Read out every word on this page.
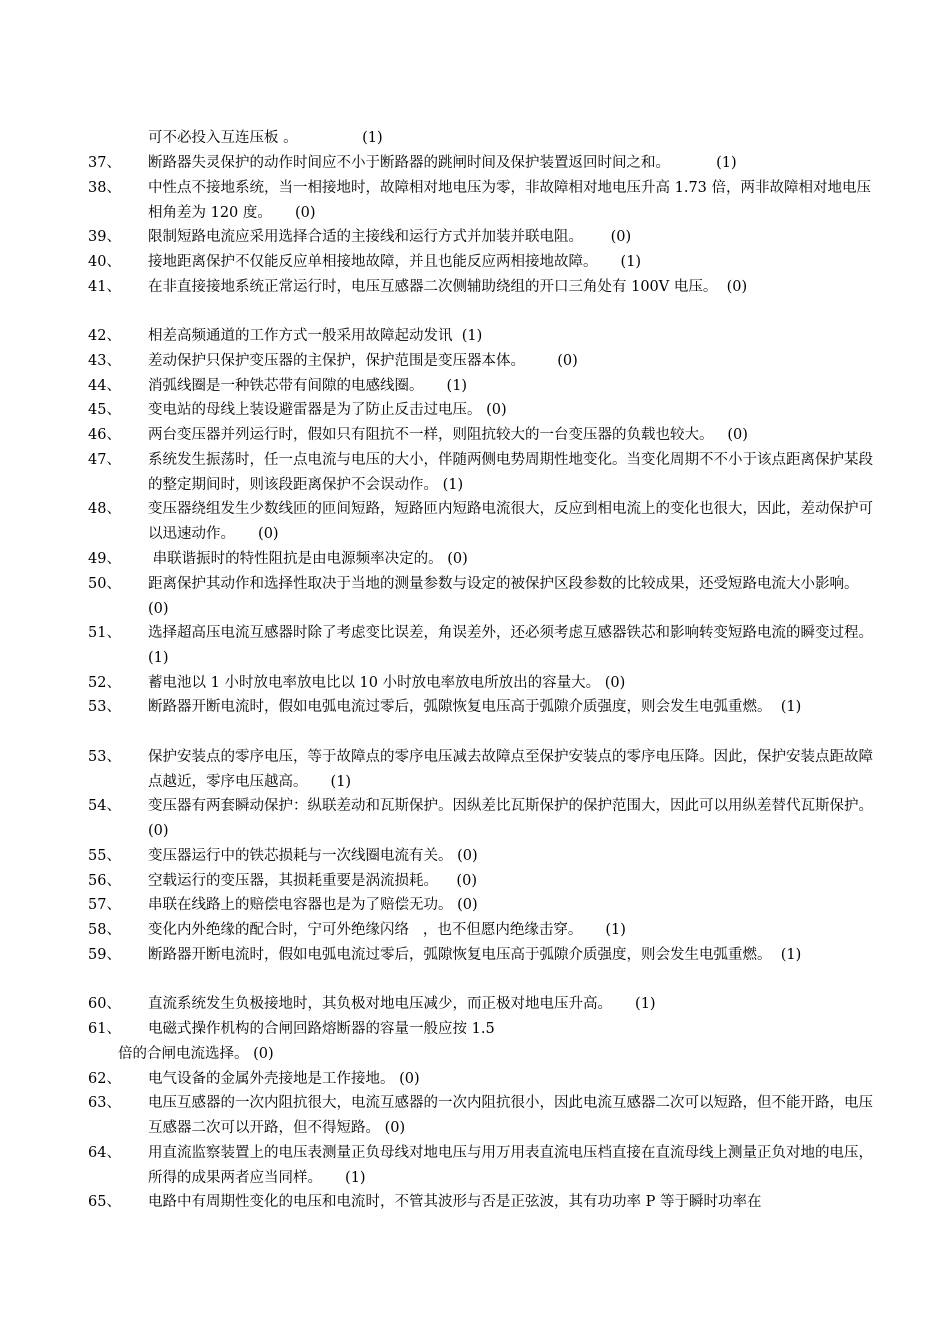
可不必投入互连压板 。              (1)
37、	断路器失灵保护的动作时间应不小于断路器的跳闸时间及保护装置返回时间之和。          (1)
38、	中性点不接地系统，当一相接地时，故障相对地电压为零，非故障相对地电压升高 1.73 倍，两非故障相对地电压相角差为 120 度。     (0)
39、	限制短路电流应采用选择合适的主接线和运行方式并加装并联电阻。      (0)
40、	接地距离保护不仅能反应单相接地故障，并且也能反应两相接地故障。     (1)
41、	在非直接接地系统正常运行时，电压互感器二次侧辅助绕组的开口三角处有 100V 电压。  (0)
42、	相差高频通道的工作方式一般采用故障起动发讯  (1)
43、	差动保护只保护变压器的主保护，保护范围是变压器本体。       (0)
44、	消弧线圈是一种铁芯带有间隙的电感线圈。     (1)
45、	变电站的母线上装设避雷器是为了防止反击过电压。 (0)
46、	两台变压器并列运行时，假如只有阻抗不一样，则阻抗较大的一台变压器的负载也较大。   (0)
47、	系统发生振荡时，任一点电流与电压的大小，伴随两侧电势周期性地变化。当变化周期不不小于该点距离保护某段的整定期间时，则该段距离保护不会误动作。 (1)
48、	变压器绕组发生少数线匝的匝间短路，短路匝内短路电流很大，反应到相电流上的变化也很大，因此，差动保护可以迅速动作。     (0)
49、	串联谐振时的特性阻抗是由电源频率决定的。 (0)
50、	距离保护其动作和选择性取决于当地的测量参数与设定的被保护区段参数的比较成果，还受短路电流大小影响。     (0)
51、	选择超高压电流互感器时除了考虑变比误差，角误差外，还必须考虑互感器铁芯和影响转变短路电流的瞬变过程。     (1)
52、	蓄电池以 1 小时放电率放电比以 10 小时放电率放电所放出的容量大。 (0)
53、	断路器开断电流时，假如电弧电流过零后，弧隙恢复电压高于弧隙介质强度，则会发生电弧重燃。  (1)
53、	保护安装点的零序电压，等于故障点的零序电压减去故障点至保护安装点的零序电压降。因此，保护安装点距故障点越近，零序电压越高。     (1)
54、	变压器有两套瞬动保护：纵联差动和瓦斯保护。因纵差比瓦斯保护的保护范围大，因此可以用纵差替代瓦斯保护。        (0)
55、	变压器运行中的铁芯损耗与一次线圈电流有关。 (0)
56、	空载运行的变压器，其损耗重要是涡流损耗。    (0)
57、	串联在线路上的赔偿电容器也是为了赔偿无功。 (0)
58、	变化内外绝缘的配合时，宁可外绝缘闪络   ，也不但愿内绝缘击穿。     (1)
59、	断路器开断电流时，假如电弧电流过零后，弧隙恢复电压高于弧隙介质强度，则会发生电弧重燃。  (1)
60、	直流系统发生负极接地时，其负极对地电压减少，而正极对地电压升高。     (1)
61、	电磁式操作机构的合闸回路熔断器的容量一般应按 1.5
倍的合闸电流选择。 (0)
62、	电气设备的金属外壳接地是工作接地。 (0)
63、	电压互感器的一次内阻抗很大，电流互感器的一次内阻抗很小，因此电流互感器二次可以短路，但不能开路，电压互感器二次可以开路，但不得短路。 (0)
64、	用直流监察装置上的电压表测量正负母线对地电压与用万用表直流电压档直接在直流母线上测量正负对地的电压，所得的成果两者应当同样。     (1)
65、	电路中有周期性变化的电压和电流时，不管其波形与否是正弦波，其有功功率 P 等于瞬时功率在
